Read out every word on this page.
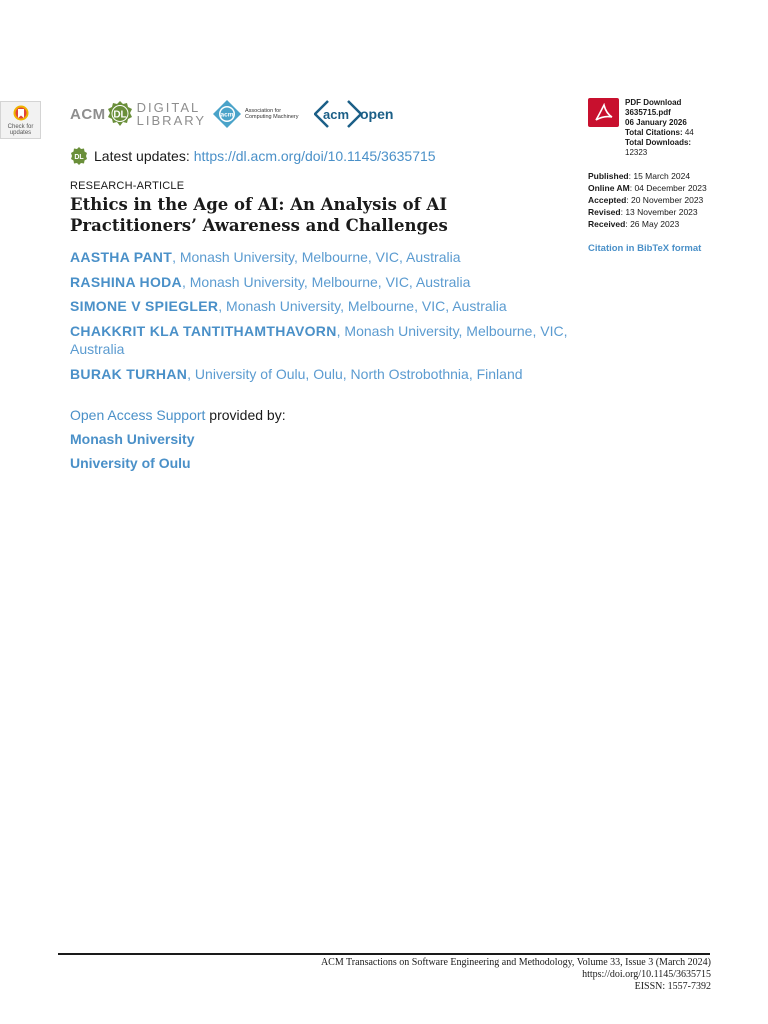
Check for
updates
ACM DL DIGITAL
LIBRARY acm
Association for
Computing Machinery	acm open
DL Latest updates: https://dl.acm.org/doi/10.1145/3635715
RESEARCH-ARTICLE
Ethics in the Age of AI: An Analysis of AI Practitioners’ Awareness and Challenges
AASTHA PANT, Monash University, Melbourne, VIC, Australia
RASHINA HODA, Monash University, Melbourne, VIC, Australia
SIMONE V SPIEGLER, Monash University, Melbourne, VIC, Australia
CHAKKRIT KLA TANTITHAMTHAVORN, Monash University, Melbourne, VIC, Australia
BURAK TURHAN, University of Oulu, Oulu, North Ostrobothnia, Finland
Open Access Support provided by:
Monash University
University of Oulu
PDF Download
3635715.pdf
06 January 2026
Total Citations: 44
Total Downloads:
12323
Published: 15 March 2024
Online AM: 04 December 2023
Accepted: 20 November 2023
Revised: 13 November 2023
Received: 26 May 2023
Citation in BibTeX format
ACM Transactions on Software Engineering and Methodology, Volume 33, Issue 3 (March 2024)
https://doi.org/10.1145/3635715
EISSN: 1557-7392
